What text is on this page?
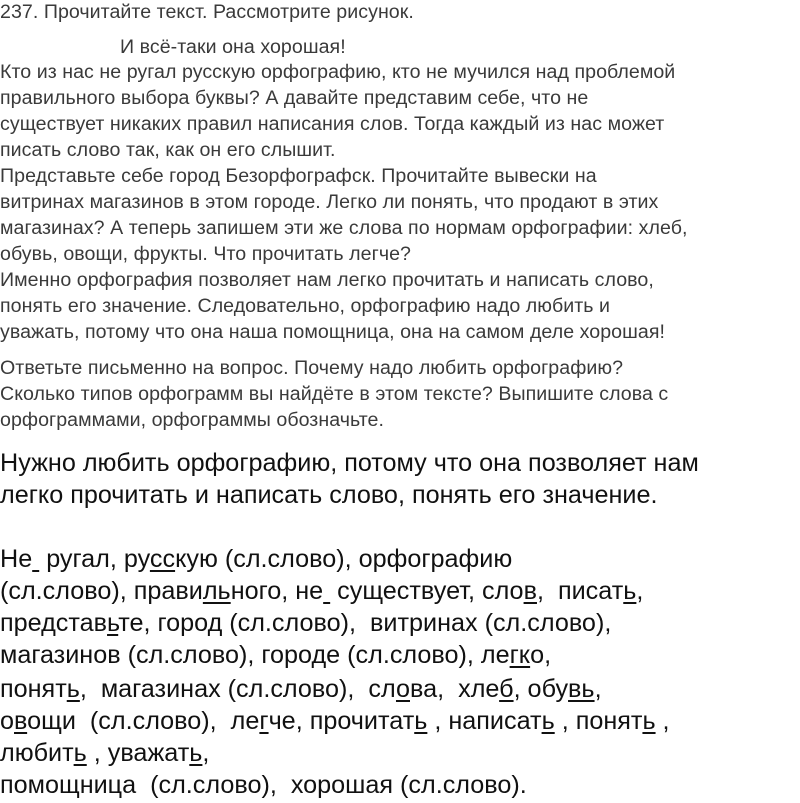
237. Прочитайте текст. Рассмотрите рисунок.
И всё-таки она хорошая!
Кто из нас не ругал русскую орфографию, кто не мучился над проблемой
правильного выбора буквы? А давайте представим себе, что не
существует никаких правил написания слов. Тогда каждый из нас может
писать слово так, как он его слышит.
Представьте себе город Безорфографск. Прочитайте вывески на
витринах магазинов в этом городе. Легко ли понять, что продают в этих
магазинах? А теперь запишем эти же слова по нормам орфографии: хлеб,
обувь, овощи, фрукты. Что прочитать легче?
Именно орфография позволяет нам легко прочитать и написать слово,
понять его значение. Следовательно, орфографию надо любить и
уважать, потому что она наша помощница, она на самом деле хорошая!
Ответьте письменно на вопрос. Почему надо любить орфографию?
Сколько типов орфограмм вы найдёте в этом тексте? Выпишите слова с
орфограммами, орфограммы обозначьте.
Нужно любить орфографию, потому что она позволяет нам
легко прочитать и написать слово, понять его значение.
Не  ругал, русскую (сл.слово), орфографию
(сл.слово), правильного, не  существует, слов,  писать,
представьте, город (сл.слово),  витринах (сл.слово),
магазинов (сл.слово), городе (сл.слово), легко,
понять,  магазинах (сл.слово),  слова,  хлеб, обувь,
овощи  (сл.слово),  легче, прочитать , написать , понять ,
любить , уважать,
помощница  (сл.слово),  хорошая (сл.слово).
